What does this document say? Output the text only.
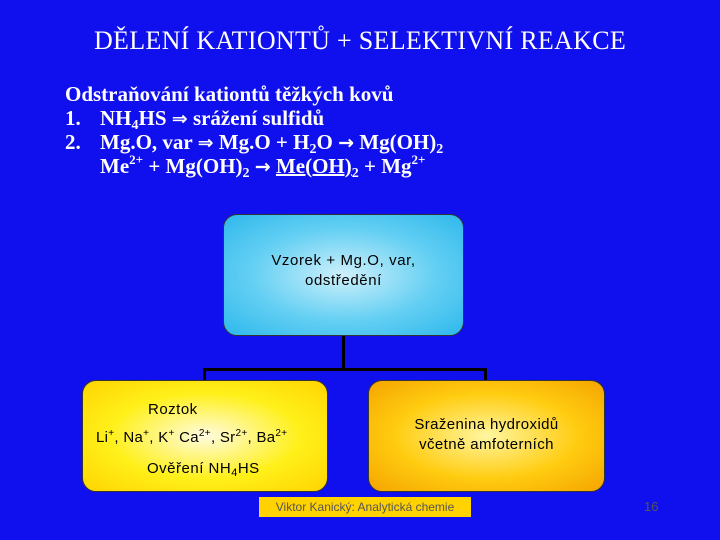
DĚLENÍ KATIONTŮ + SELEKTIVNÍ REAKCE
Odstraňování kationtů těžkých kovů
1. $NH_4HS$ ⇒ srážení sulfidů
2. Mg.O, var ⇒ $Mg.O + H_2O \to Mg(OH)_2$
$Me^{2+} + Mg(OH)_2 \to Me(OH)_2 + Mg^{2+}$
Vzorek + Mg.O, var,
odstředění
Roztok
Li+, Na+, K+ $Ca^{2+}$, $Sr^{2+}$, $Ba^{2+}$
Ověření $NH_4HS$
Sraženina hydroxidů
včetně amfoterních
Viktor Kanický: Analytická chemie	16
